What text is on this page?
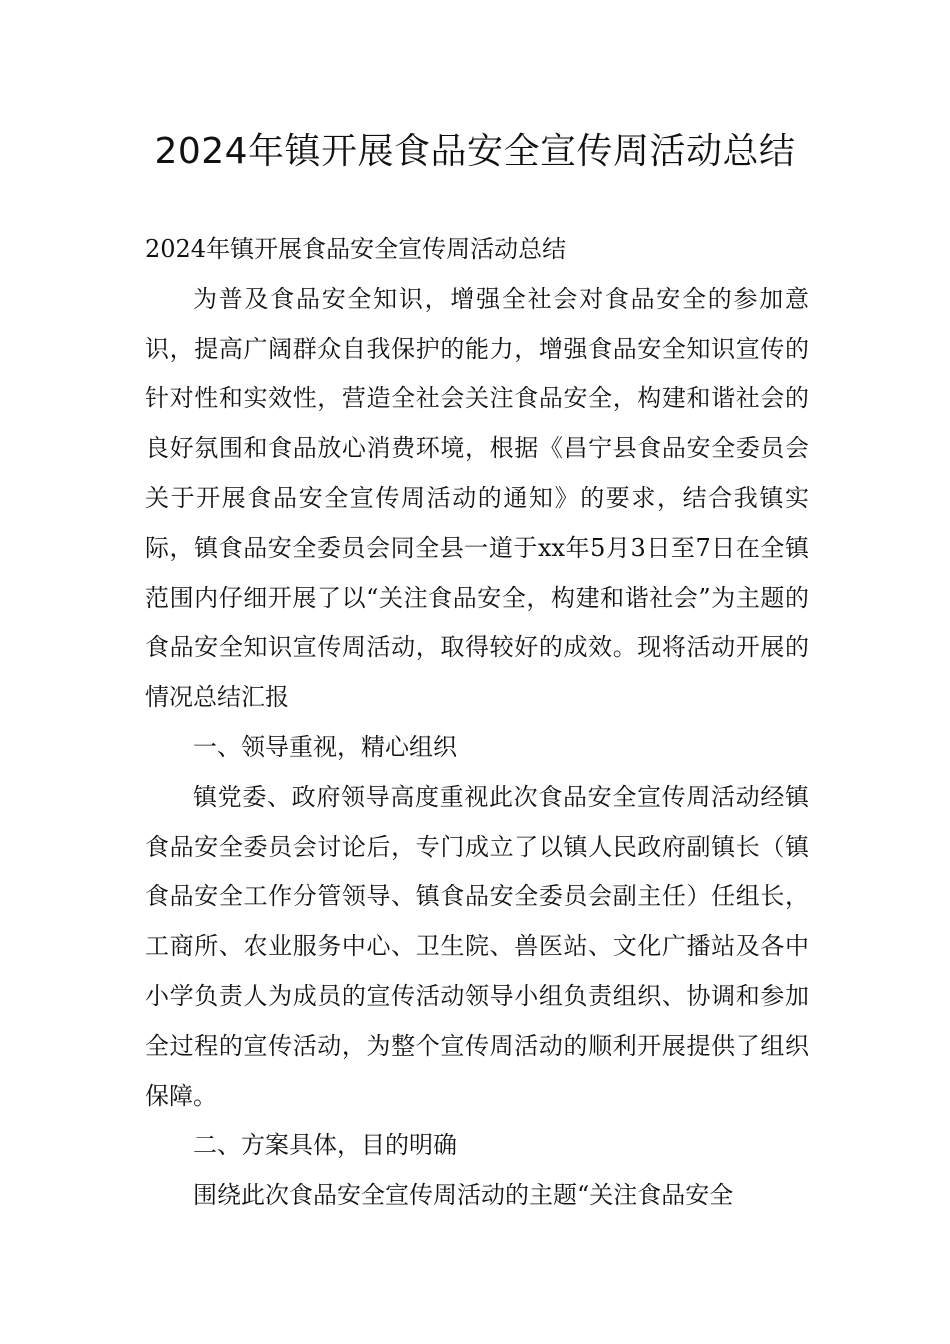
2024年镇开展食品安全宣传周活动总结

2024年镇开展食品安全宣传周活动总结

为普及食品安全知识，增强全社会对食品安全的参加意识，提高广阔群众自我保护的能力，增强食品安全知识宣传的针对性和实效性，营造全社会关注食品安全，构建和谐社会的良好氛围和食品放心消费环境，根据《昌宁县食品安全委员会关于开展食品安全宣传周活动的通知》的要求，结合我镇实际，镇食品安全委员会同全县一道于xx年5月3日至7日在全镇范围内仔细开展了以“关注食品安全，构建和谐社会”为主题的食品安全知识宣传周活动，取得较好的成效。现将活动开展的情况总结汇报

一、领导重视，精心组织

镇党委、政府领导高度重视此次食品安全宣传周活动经镇食品安全委员会讨论后，专门成立了以镇人民政府副镇长（镇食品安全工作分管领导、镇食品安全委员会副主任）任组长，工商所、农业服务中心、卫生院、兽医站、文化广播站及各中小学负责人为成员的宣传活动领导小组负责组织、协调和参加全过程的宣传活动，为整个宣传周活动的顺利开展提供了组织保障。

二、方案具体，目的明确

围绕此次食品安全宣传周活动的主题“关注食品安全
